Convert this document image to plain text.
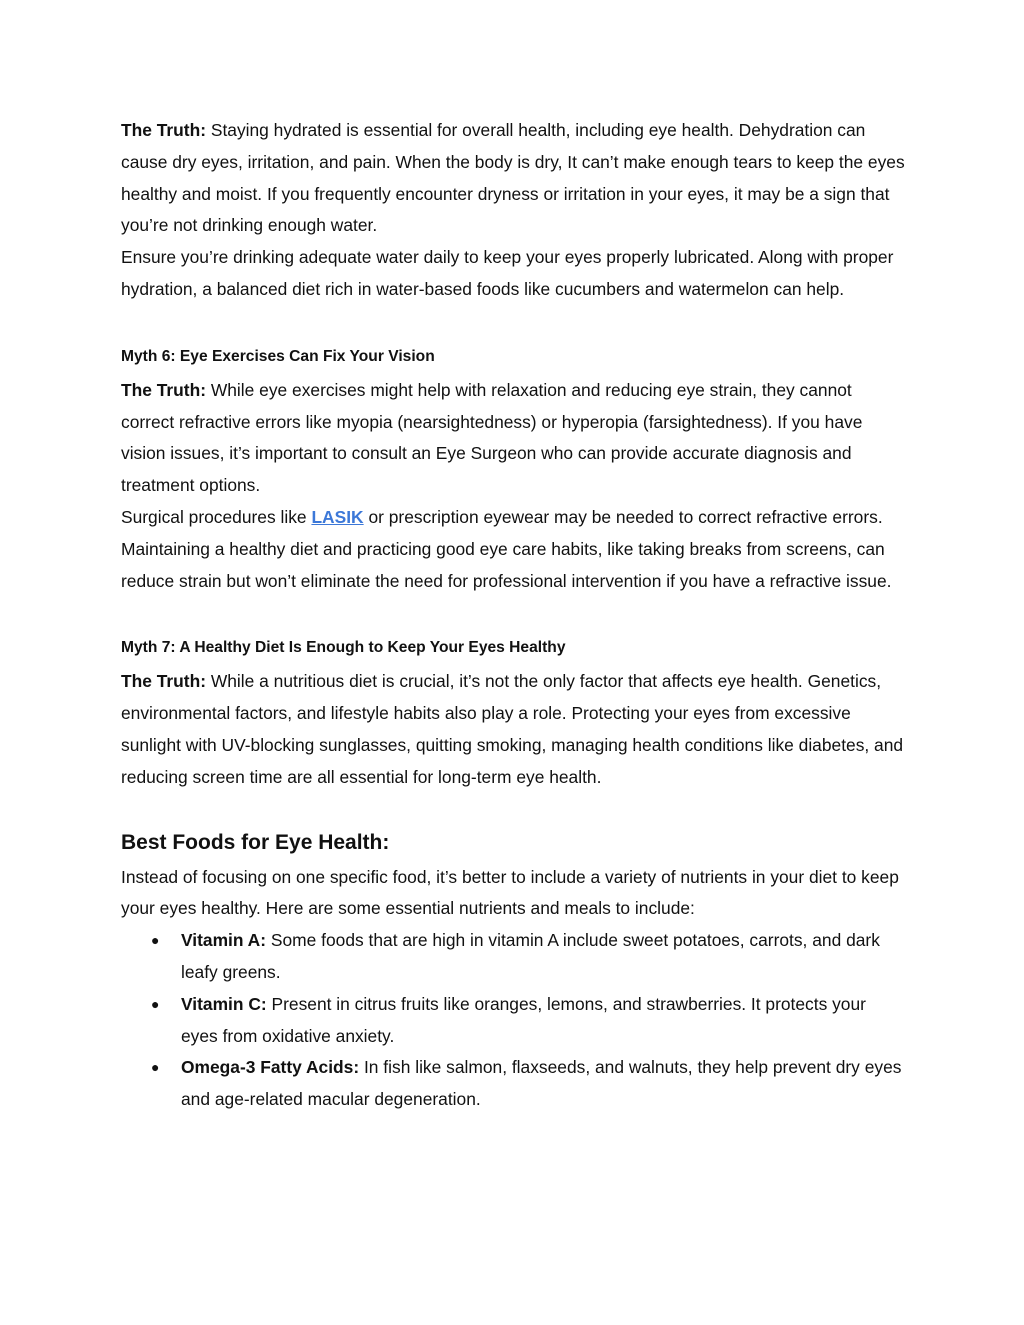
The Truth: Staying hydrated is essential for overall health, including eye health. Dehydration can cause dry eyes, irritation, and pain. When the body is dry, It can’t make enough tears to keep the eyes healthy and moist. If you frequently encounter dryness or irritation in your eyes, it may be a sign that you’re not drinking enough water.

Ensure you’re drinking adequate water daily to keep your eyes properly lubricated. Along with proper hydration, a balanced diet rich in water-based foods like cucumbers and watermelon can help.

Myth 6: Eye Exercises Can Fix Your Vision

The Truth: While eye exercises might help with relaxation and reducing eye strain, they cannot correct refractive errors like myopia (nearsightedness) or hyperopia (farsightedness). If you have vision issues, it’s important to consult an Eye Surgeon who can provide accurate diagnosis and treatment options.

Surgical procedures like LASIK or prescription eyewear may be needed to correct refractive errors. Maintaining a healthy diet and practicing good eye care habits, like taking breaks from screens, can reduce strain but won’t eliminate the need for professional intervention if you have a refractive issue.

Myth 7: A Healthy Diet Is Enough to Keep Your Eyes Healthy

The Truth: While a nutritious diet is crucial, it’s not the only factor that affects eye health. Genetics, environmental factors, and lifestyle habits also play a role. Protecting your eyes from excessive sunlight with UV-blocking sunglasses, quitting smoking, managing health conditions like diabetes, and reducing screen time are all essential for long-term eye health.

Best Foods for Eye Health:

Instead of focusing on one specific food, it’s better to include a variety of nutrients in your diet to keep your eyes healthy. Here are some essential nutrients and meals to include:

● Vitamin A: Some foods that are high in vitamin A include sweet potatoes, carrots, and dark leafy greens.
● Vitamin C: Present in citrus fruits like oranges, lemons, and strawberries. It protects your eyes from oxidative anxiety.
● Omega-3 Fatty Acids: In fish like salmon, flaxseeds, and walnuts, they help prevent dry eyes and age-related macular degeneration.
